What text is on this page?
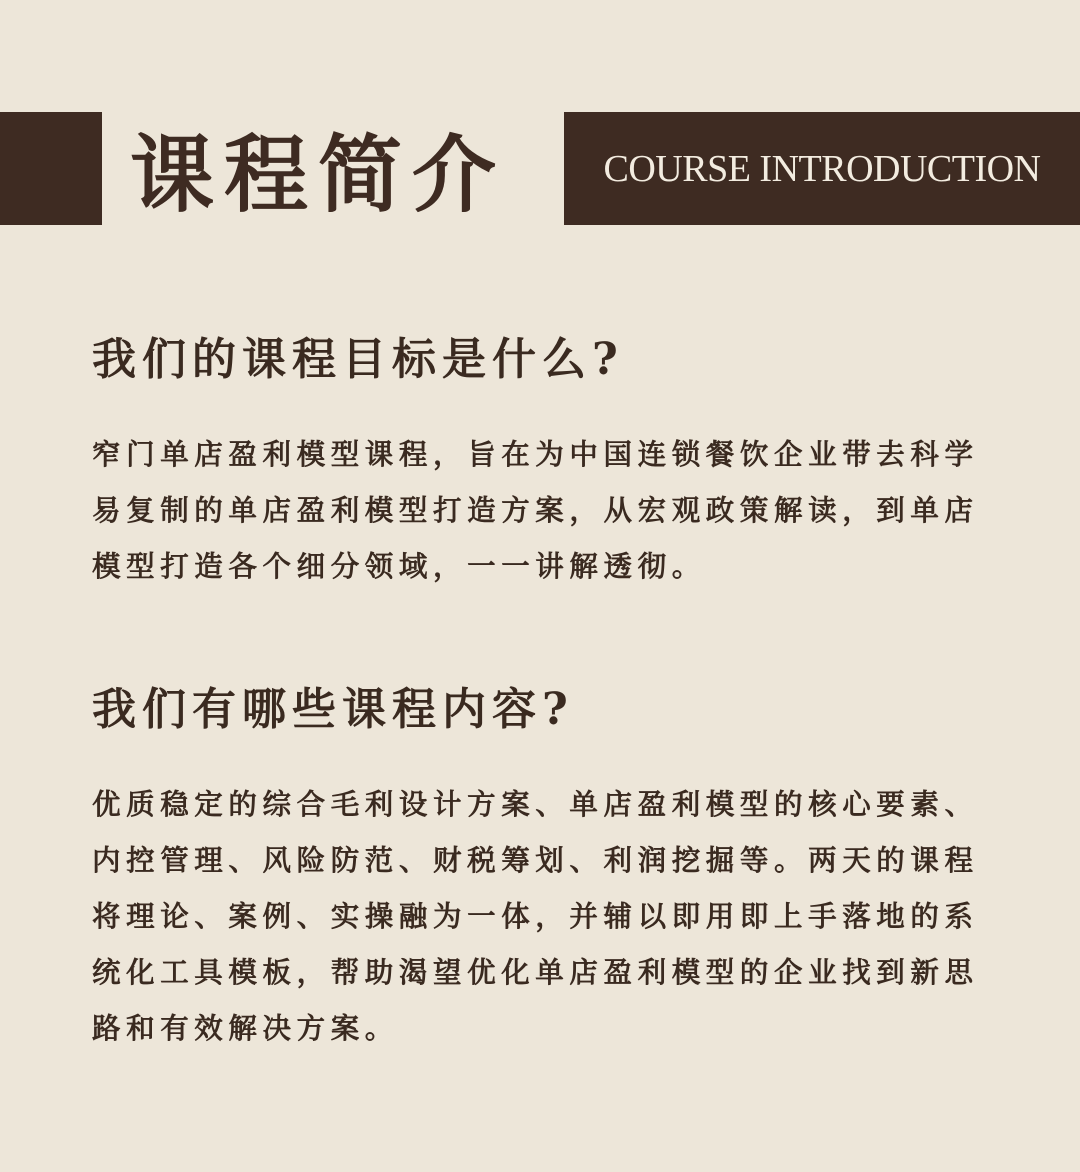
课程简介	COURSE INTRODUCTION
我们的课程目标是什么?

窄门单店盈利模型课程，旨在为中国连锁餐饮企业带去科学易复制的单店盈利模型打造方案，从宏观政策解读，到单店模型打造各个细分领域，一一讲解透彻。

我们有哪些课程内容?

优质稳定的综合毛利设计方案、单店盈利模型的核心要素、内控管理、风险防范、财税筹划、利润挖掘等。两天的课程将理论、案例、实操融为一体，并辅以即用即上手落地的系统化工具模板，帮助渴望优化单店盈利模型的企业找到新思路和有效解决方案。
